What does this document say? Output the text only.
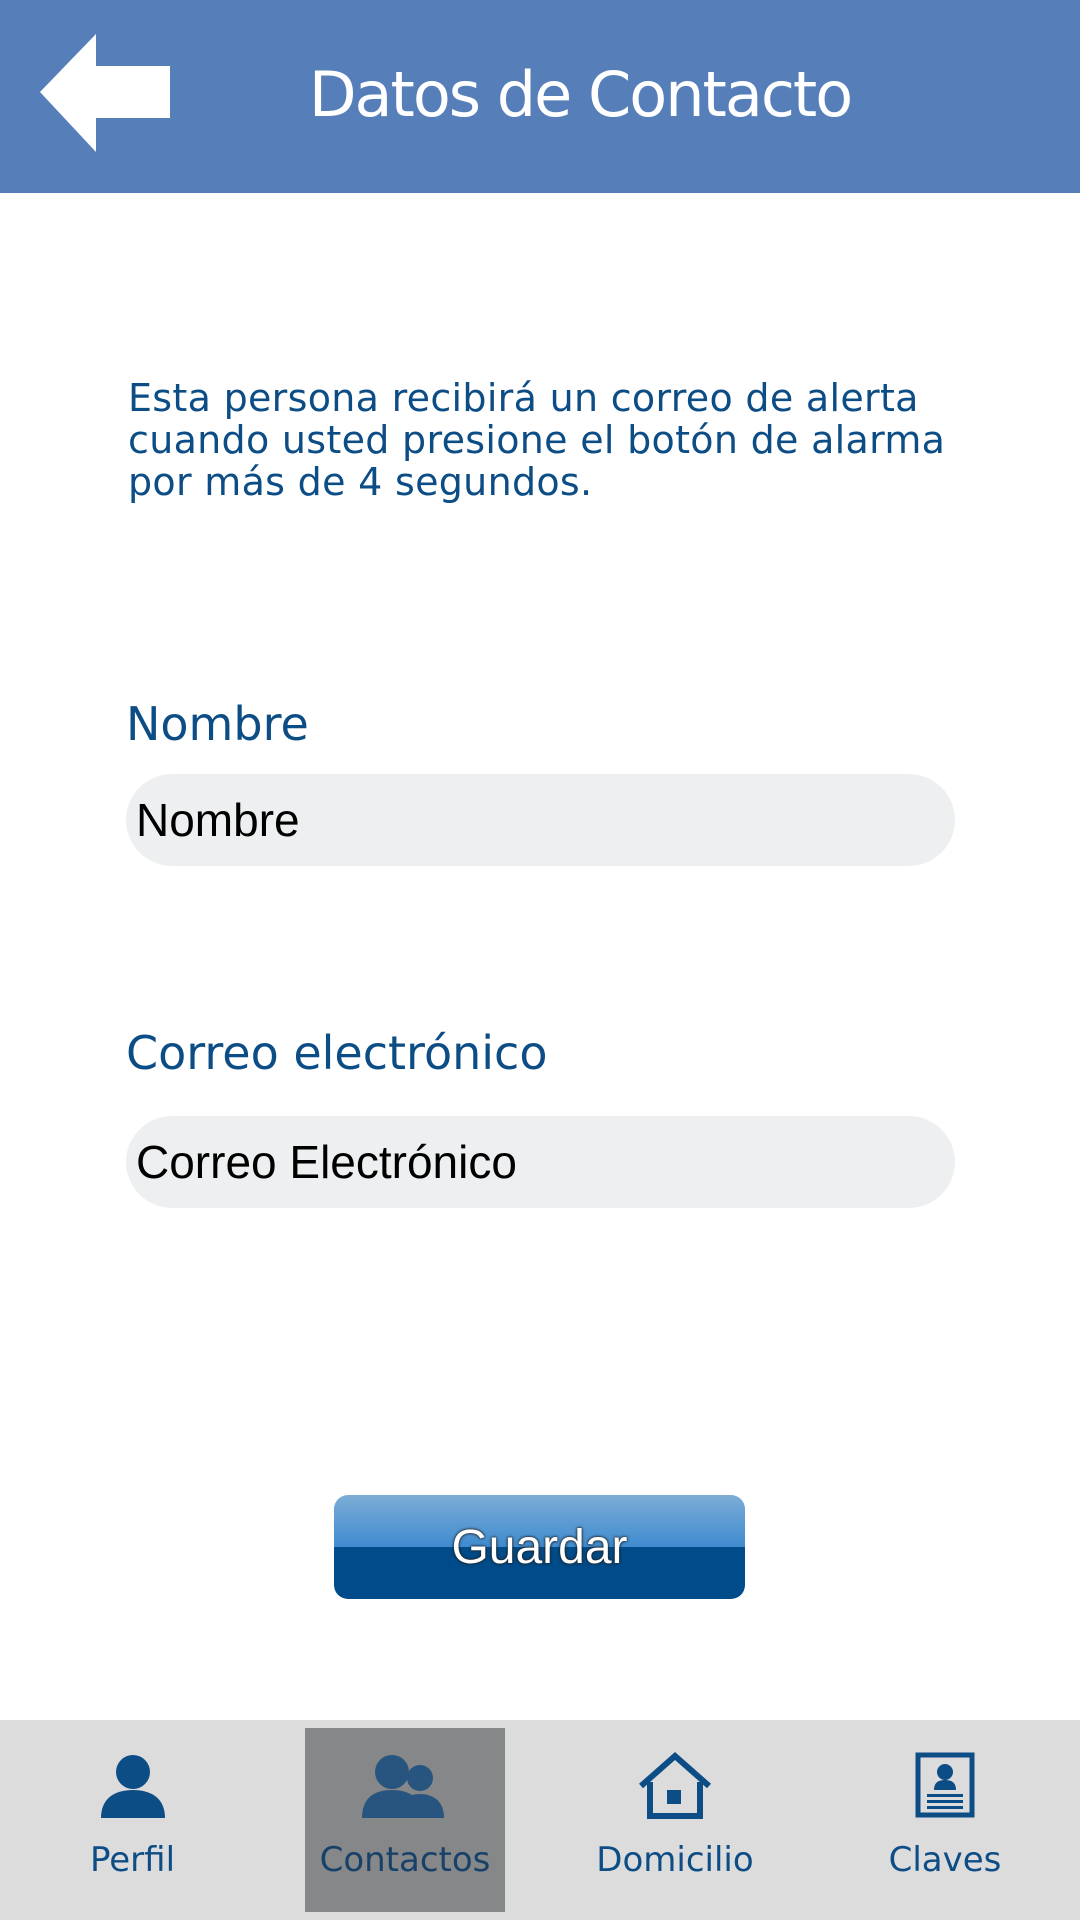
Datos de Contacto
Esta persona recibirá un correo de alerta cuando usted presione el botón de alarma por más de 4 segundos.
Nombre
Nombre
Correo electrónico
Correo Electrónico
Guardar
Perfil	Contactos	Domicilio	Claves
